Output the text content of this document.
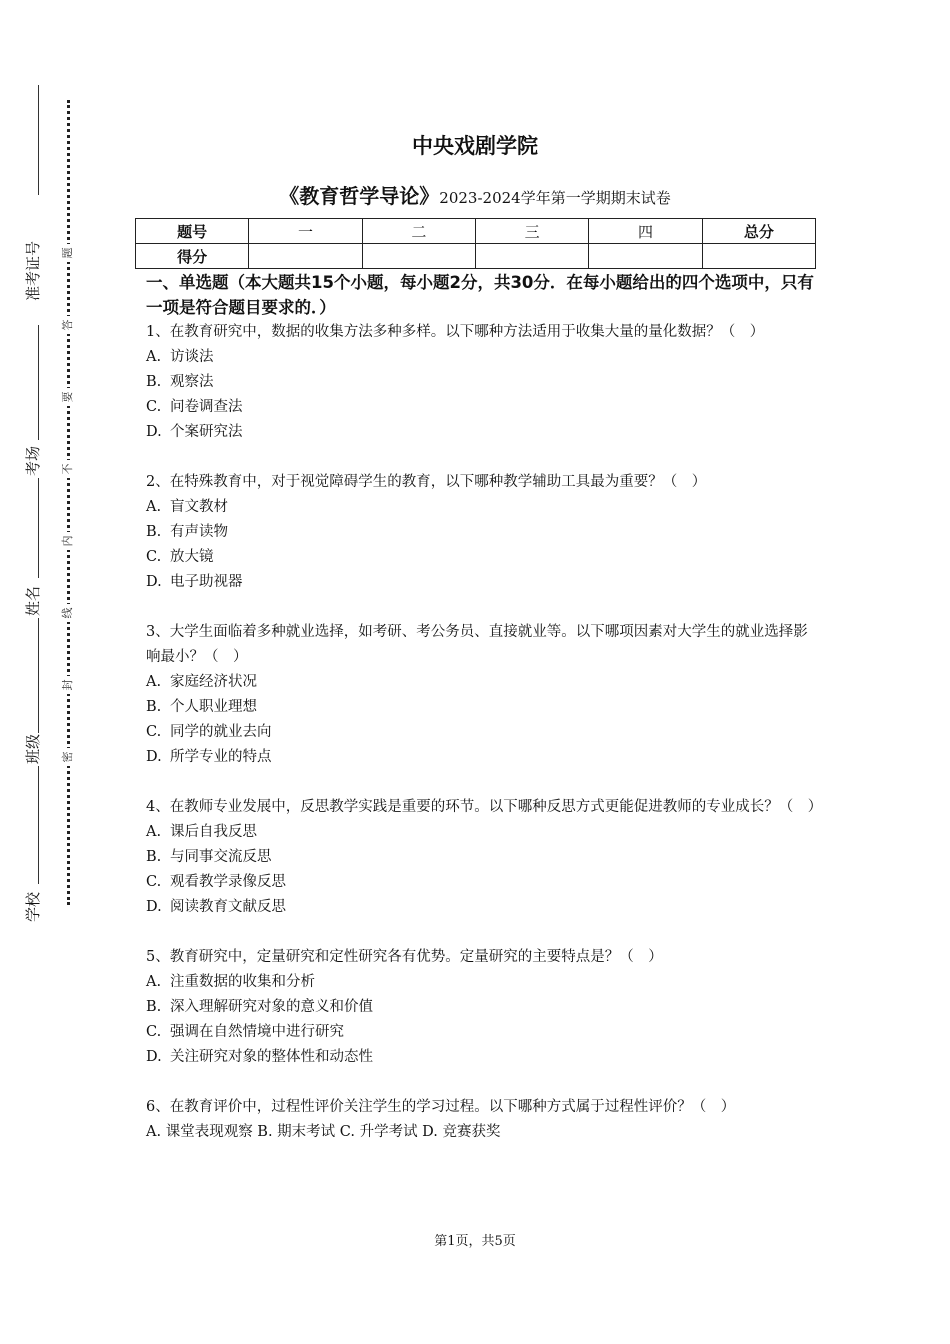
准考证号
考场
姓名
班级
学校
题
答
要
不
内
线
封
密
中央戏剧学院
《教育哲学导论》2023-2024学年第一学期期末试卷
题号	一	二	三	四	总分
得分					
一、单选题（本大题共15个小题，每小题2分，共30分．在每小题给出的四个选项中，只有一项是符合题目要求的．）

1、在教育研究中，数据的收集方法多种多样。以下哪种方法适用于收集大量的量化数据？（　）

A. 访谈法

B. 观察法

C. 问卷调查法

D. 个案研究法

2、在特殊教育中，对于视觉障碍学生的教育，以下哪种教学辅助工具最为重要？（　）

A. 盲文教材

B. 有声读物

C. 放大镜

D. 电子助视器

3、大学生面临着多种就业选择，如考研、考公务员、直接就业等。以下哪项因素对大学生的就业选择影响最小？（　）

A. 家庭经济状况

B. 个人职业理想

C. 同学的就业去向

D. 所学专业的特点

4、在教师专业发展中，反思教学实践是重要的环节。以下哪种反思方式更能促进教师的专业成长？（　）

A. 课后自我反思

B. 与同事交流反思

C. 观看教学录像反思

D. 阅读教育文献反思

5、教育研究中，定量研究和定性研究各有优势。定量研究的主要特点是？（　）

A. 注重数据的收集和分析

B. 深入理解研究对象的意义和价值

C. 强调在自然情境中进行研究

D. 关注研究对象的整体性和动态性

6、在教育评价中，过程性评价关注学生的学习过程。以下哪种方式属于过程性评价？（　）

A. 课堂表现观察 B. 期末考试 C. 升学考试 D. 竞赛获奖

第1页，共5页
